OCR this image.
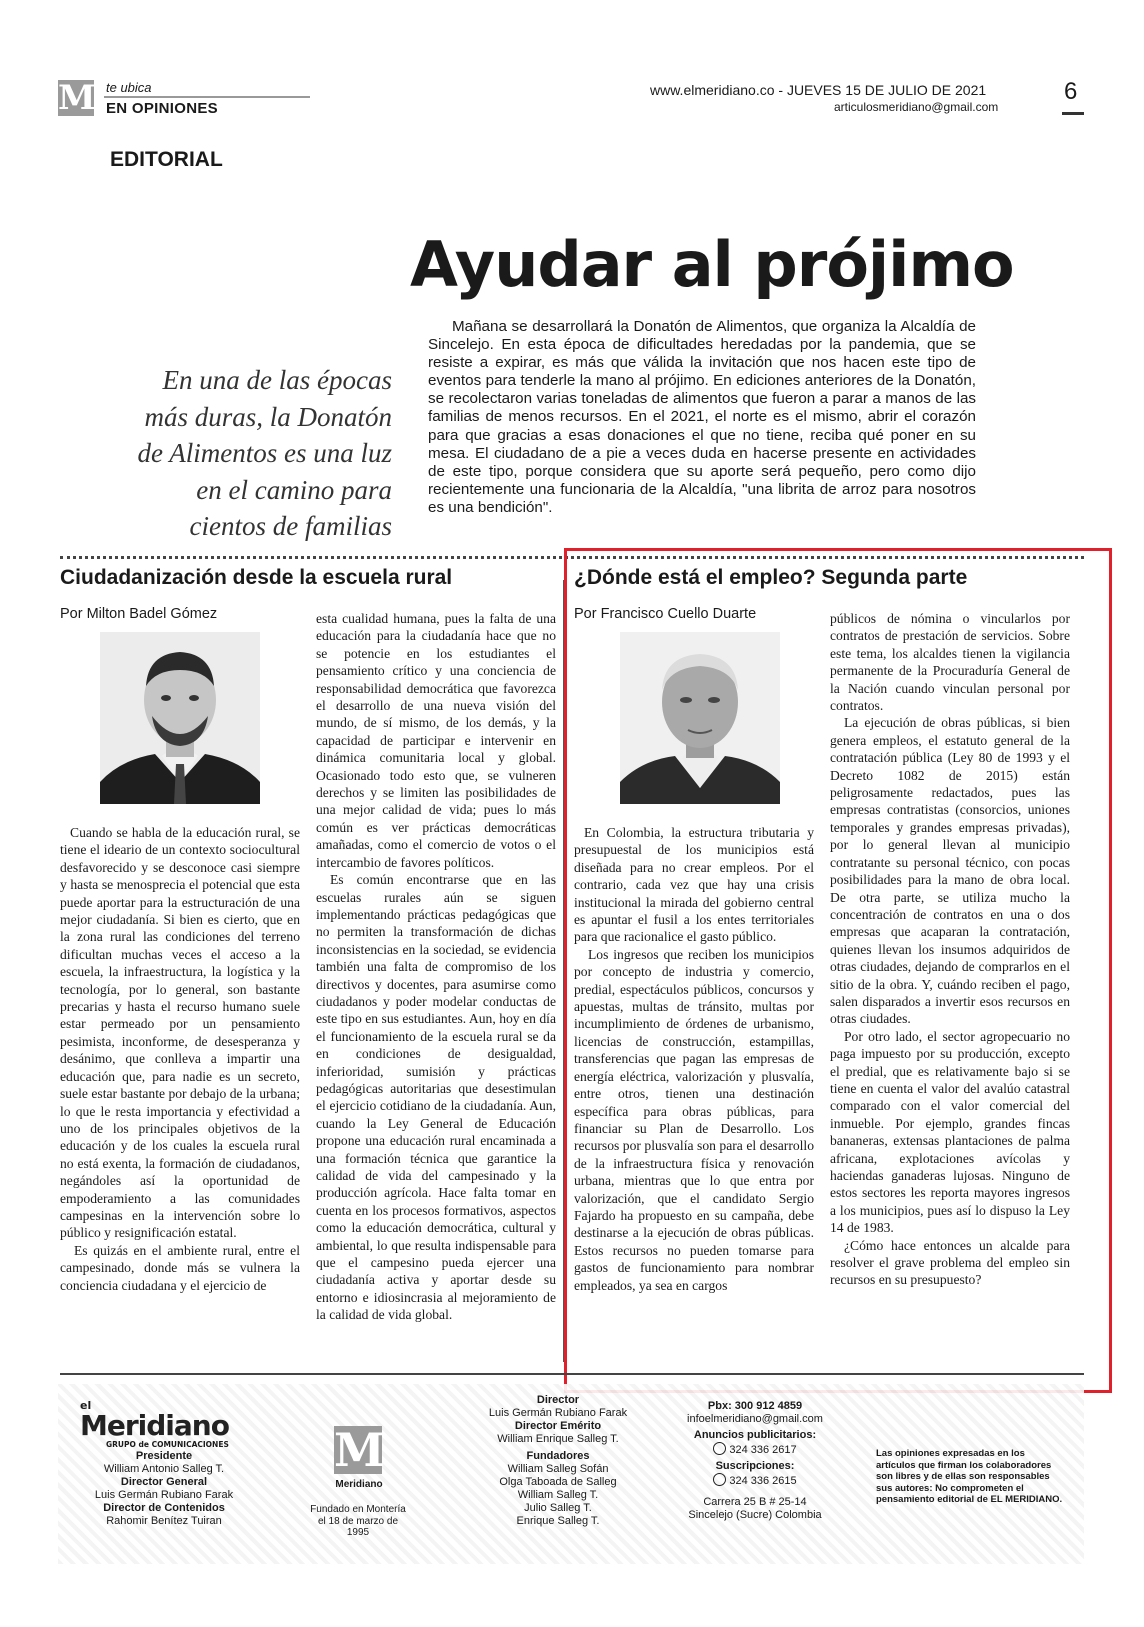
M te ubica
EN OPINIONES
www.elmeridiano.co - JUEVES 15 DE JULIO DE 2021
articulosmeridiano@gmail.com
6
EDITORIAL
Ayudar al prójimo
En una de las épocas más duras, la Donatón de Alimentos es una luz en el camino para cientos de familias
Mañana se desarrollará la Donatón de Alimentos, que organiza la Alcaldía de Sincelejo. En esta época de dificultades heredadas por la pandemia, que se resiste a expirar, es más que válida la invitación que nos hacen este tipo de eventos para tenderle la mano al prójimo. En ediciones anteriores de la Donatón, se recolectaron varias toneladas de alimentos que fueron a parar a manos de las familias de menos recursos. En el 2021, el norte es el mismo, abrir el corazón para que gracias a esas donaciones el que no tiene, reciba qué poner en su mesa. El ciudadano de a pie a veces duda en hacerse presente en actividades de este tipo, porque considera que su aporte será pequeño, pero como dijo recientemente una funcionaria de la Alcaldía, "una librita de arroz para nosotros es una bendición".
Ciudadanización desde la escuela rural
Por Milton Badel Gómez

Cuando se habla de la educación rural, se tiene el ideario de un contexto sociocultural desfavorecido y se desconoce casi siempre y hasta se menosprecia el potencial que esta puede aportar para la estructuración de una mejor ciudadanía. Si bien es cierto, que en la zona rural las condiciones del terreno dificultan muchas veces el acceso a la escuela, la infraestructura, la logística y la tecnología, por lo general, son bastante precarias y hasta el recurso humano suele estar permeado por un pensamiento pesimista, inconforme, de desesperanza y desánimo, que conlleva a impartir una educación que, para nadie es un secreto, suele estar bastante por debajo de la urbana; lo que le resta importancia y efectividad a uno de los principales objetivos de la educación y de los cuales la escuela rural no está exenta, la formación de ciudadanos, negándoles así la oportunidad de empoderamiento a las comunidades campesinas en la intervención sobre lo público y resignificación estatal.

Es quizás en el ambiente rural, entre el campesinado, donde más se vulnera la conciencia ciudadana y el ejercicio de

esta cualidad humana, pues la falta de una educación para la ciudadanía hace que no se potencie en los estudiantes el pensamiento crítico y una conciencia de responsabilidad democrática que favorezca el desarrollo de una nueva visión del mundo, de sí mismo, de los demás, y la capacidad de participar e intervenir en dinámica comunitaria local y global. Ocasionado todo esto que, se vulneren derechos y se limiten las posibilidades de una mejor calidad de vida; pues lo más común es ver prácticas democráticas amañadas, como el comercio de votos o el intercambio de favores políticos.

Es común encontrarse que en las escuelas rurales aún se siguen implementando prácticas pedagógicas que no permiten la transformación de dichas inconsistencias en la sociedad, se evidencia también una falta de compromiso de los directivos y docentes, para asumirse como ciudadanos y poder modelar conductas de este tipo en sus estudiantes. Aun, hoy en día el funcionamiento de la escuela rural se da en condiciones de desigualdad, inferioridad, sumisión y prácticas pedagógicas autoritarias que desestimulan el ejercicio cotidiano de la ciudadanía. Aun, cuando la Ley General de Educación propone una educación rural encaminada a una formación técnica que garantice la calidad de vida del campesinado y la producción agrícola. Hace falta tomar en cuenta en los procesos formativos, aspectos como la educación democrática, cultural y ambiental, lo que resulta indispensable para que el campesino pueda ejercer una ciudadanía activa y aportar desde su entorno e idiosincrasia al mejoramiento de la calidad de vida global.

¿Dónde está el empleo? Segunda parte
Por Francisco Cuello Duarte

En Colombia, la estructura tributaria y presupuestal de los municipios está diseñada para no crear empleos. Por el contrario, cada vez que hay una crisis institucional la mirada del gobierno central es apuntar el fusil a los entes territoriales para que racionalice el gasto público.

Los ingresos que reciben los municipios por concepto de industria y comercio, predial, espectáculos públicos, concursos y apuestas, multas de tránsito, multas por incumplimiento de órdenes de urbanismo, licencias de construcción, estampillas, transferencias que pagan las empresas de energía eléctrica, valorización y plusvalía, entre otros, tienen una destinación específica para obras públicas, para financiar su Plan de Desarrollo. Los recursos por plusvalía son para el desarrollo de la infraestructura física y renovación urbana, mientras que lo que entra por valorización, que el candidato Sergio Fajardo ha propuesto en su campaña, debe destinarse a la ejecución de obras públicas. Estos recursos no pueden tomarse para gastos de funcionamiento para nombrar empleados, ya sea en cargos

públicos de nómina o vincularlos por contratos de prestación de servicios. Sobre este tema, los alcaldes tienen la vigilancia permanente de la Procuraduría General de la Nación cuando vinculan personal por contratos.

La ejecución de obras públicas, si bien genera empleos, el estatuto general de la contratación pública (Ley 80 de 1993 y el Decreto 1082 de 2015) están peligrosamente redactados, pues las empresas contratistas (consorcios, uniones temporales y grandes empresas privadas), por lo general llevan al municipio contratante su personal técnico, con pocas posibilidades para la mano de obra local. De otra parte, se utiliza mucho la concentración de contratos en una o dos empresas que acaparan la contratación, quienes llevan los insumos adquiridos de otras ciudades, dejando de comprarlos en el sitio de la obra. Y, cuándo reciben el pago, salen disparados a invertir esos recursos en otras ciudades.

Por otro lado, el sector agropecuario no paga impuesto por su producción, excepto el predial, que es relativamente bajo si se tiene en cuenta el valor del avalúo catastral comparado con el valor comercial del inmueble. Por ejemplo, grandes fincas bananeras, extensas plantaciones de palma africana, explotaciones avícolas y haciendas ganaderas lujosas. Ninguno de estos sectores les reporta mayores ingresos a los municipios, pues así lo dispuso la Ley 14 de 1983.

¿Cómo hace entonces un alcalde para resolver el grave problema del empleo sin recursos en su presupuesto?

el
Meridiano
GRUPO de COMUNICACIONES
Presidente
William Antonio Salleg T.
Director General
Luis Germán Rubiano Farak
Director de Contenidos
Rahomir Benítez Tuiran
M
Meridiano
Fundado en Montería el 18 de marzo de 1995
Director
Luis Germán Rubiano Farak
Director Emérito
William Enrique Salleg T.
Fundadores
William Salleg Sofán
Olga Taboada de Salleg
William Salleg T.
Julio Salleg T.
Enrique Salleg T.
Pbx: 300 912 4859
infoelmeridiano@gmail.com
Anuncios publicitarios:
324 336 2617
Suscripciones:
324 336 2615
Carrera 25 B # 25-14
Sincelejo (Sucre) Colombia
Las opiniones expresadas en los artículos que firman los colaboradores son libres y de ellas son responsables sus autores: No comprometen el pensamiento editorial de EL MERIDIANO.
